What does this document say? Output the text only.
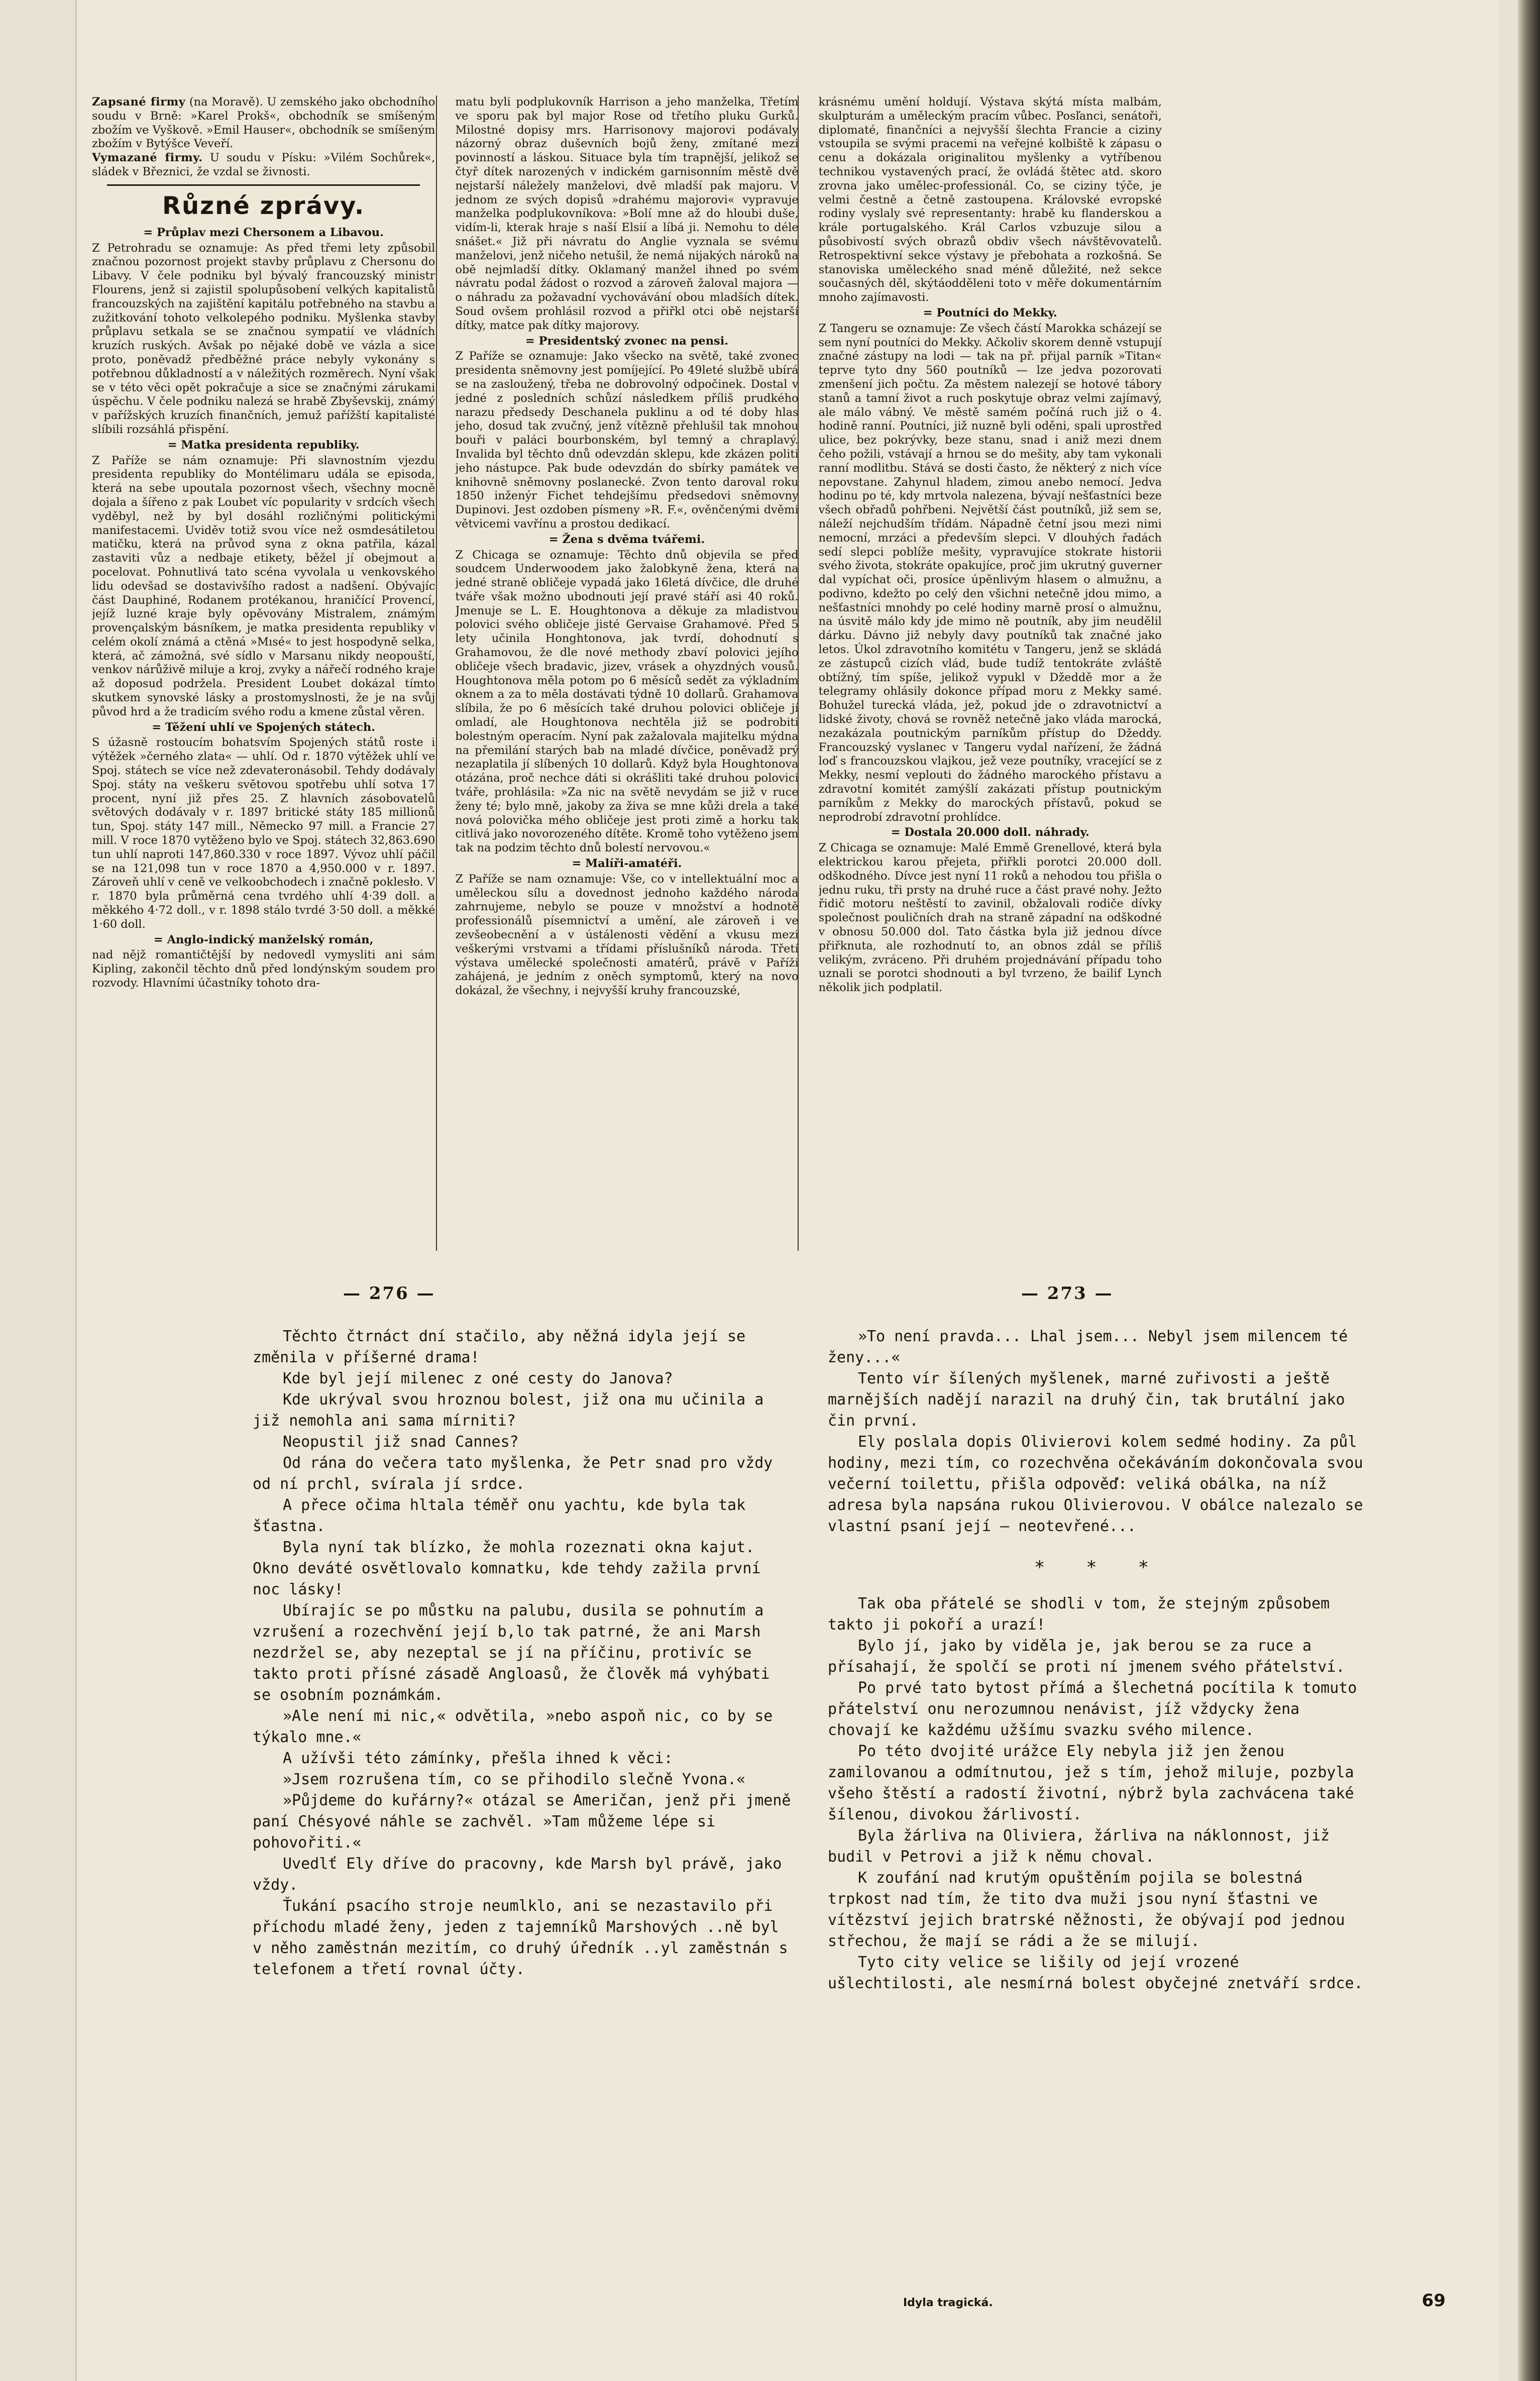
Zapsané firmy (na Moravě). U zemského jako obchodního soudu v Brně: »Karel Prokš«, obchodník se smíšeným zbožím ve Vyškově. »Emil Hauser«, obchodník se smíšeným zbožím v Bytýšce Veveří.

Vymazané firmy. U soudu v Písku: »Vilém Sochůrek«, sládek v Březnici, že vzdal se živnosti.

Různé zprávy.

= Průplav mezi Chersonem a Libavou.

Z Petrohradu se oznamuje: As před třemi lety způsobil značnou pozornost projekt stavby průplavu z Chersonu do Libavy. V čele podniku byl bývalý francouzský ministr Flourens, jenž si zajistil spolupůsobení velkých kapitalistů francouzských na zajištění kapitálu potřebného na stavbu a zužitkování tohoto velkolepého podniku. Myšlenka stavby průplavu setkala se se značnou sympatií ve vládních kruzích ruských. Avšak po nějaké době ve vázla a sice proto, poněvadž předběžné práce nebyly vykonány s potřebnou důkladností a v náležitých rozměrech. Nyní však se v této věci opět pokračuje a sice se značnými zárukami úspěchu. V čele podniku nalezá se hrabě Zbyševskij, známý v pařížských kruzích finančních, jemuž pařížští kapitalisté slíbili rozsáhlá přispění.

= Matka presidenta republiky.

Z Paříže se nám oznamuje: Při slavnostním vjezdu presidenta republiky do Montélimaru udála se episoda, která na sebe upoutala pozornost všech, všechny mocně dojala a šířeno z pak Loubet víc popularity v srdcích všech vyděbyl, než by byl dosáhl rozličnými politickými manifestacemi. Uviděv totiž svou více než osmdesátiletou matičku, která na průvod syna z okna patřila, kázal zastaviti vůz a nedbaje etikety, běžel jí obejmout a pocelovat. Pohnutlivá tato scéna vyvolala u venkovského lidu odevšad se dostavivšího radost a nadšení. Obývajíc část Dauphiné, Rodanem protékanou, hraničící Provencí, jejíž luzné kraje byly opěvovány Mistralem, známým provençalským básníkem, je matka presidenta republiky v celém okolí známá a ctěná »Mısé« to jest hospodyně selka, která, ač zámožná, své sídlo v Marsanu nikdy neopouští, venkov nárůživě miluje a kroj, zvyky a nářečí rodného kraje až doposud podržela. President Loubet dokázal tímto skutkem synovské lásky a prostomyslnosti, že je na svůj původ hrd a že tradicím svého rodu a kmene zůstal věren.

= Těžení uhlí ve Spojených státech.

S úžasně rostoucím bohatsvím Spojených států roste i výtěžek »černého zlata« — uhlí. Od r. 1870 výtěžek uhlí ve Spoj. státech se více než zdevateronásobil. Tehdy dodávaly Spoj. státy na veškeru světovou spotřebu uhlí sotva 17 procent, nyní již přes 25. Z hlavních zásobovatelů světových dodávaly v r. 1897 britické státy 185 millionů tun, Spoj. státy 147 mill., Německo 97 mill. a Francie 27 mill. V roce 1870 vytěženo bylo ve Spoj. státech 32,863.690 tun uhlí naproti 147,860.330 v roce 1897. Vývoz uhlí páčil se na 121,098 tun v roce 1870 a 4,950.000 v r. 1897. Zároveň uhlí v ceně ve velkoobchodech i značně poklesło. V r. 1870 byla průměrná cena tvrdého uhlí 4·39 doll. a měkkého 4·72 doll., v r. 1898 stálo tvrdé 3·50 doll. a měkké 1·60 doll.

= Anglo-indický manželský román,

nad nějž romantičtější by nedovedl vymysliti ani sám Kipling, zakončil těchto dnů před londýnským soudem pro rozvody. Hlavními účastníky tohoto dra-

matu byli podplukovník Harrison a jeho manželka, Třetím ve sporu pak byl major Rose od třetího pluku Gurků. Milostné dopisy mrs. Harrisonovy majorovi podávaly názorný obraz duševních bojů ženy, zmítané mezi povinností a láskou. Situace byla tím trapnější, jelikož se čtyř dítek narozených v indickém garnisonním městě dvě nejstarší náležely manželovi, dvě mladší pak majoru. V jednom ze svých dopisů »drahému majorovi« vypravuje manželka podplukovníkova: »Bolí mne až do hloubi duše, vidím-li, kterak hraje s naší Elsií a líbá ji. Nemohu to déle snášet.« Již při návratu do Anglie vyznala se svému manželovi, jenž ničeho netušil, že nemá nijakých nároků na obě nejmladší dítky. Oklamaný manžel ihned po svém návratu podal žádost o rozvod a zároveň žaloval majora — o náhradu za požavadní vychovávání obou mladších dítek. Soud ovšem prohlásil rozvod a přiřkl otci obě nejstarší dítky, matce pak dítky majorovy.

= Presidentský zvonec na pensi.

Z Paříže se oznamuje: Jako všecko na světě, také zvonec presidenta sněmovny jest pomíjející. Po 49leté službě ubírá se na zasloužený, třeba ne dobrovolný odpočinek. Dostal v jedné z posledních schůzí následkem příliš prudkého narazu předsedy Deschanela puklinu a od té doby hlas jeho, dosud tak zvučný, jenž vítězně přehlušil tak mnohou bouři v paláci bourbonském, byl temný a chraplavý. Invalida byl těchto dnů odevzdán sklepu, kde zkázen politi jeho nástupce. Pak bude odevzdán do sbírky památek ve knihovně sněmovny poslanecké. Zvon tento daroval roku 1850 inženýr Fichet tehdejšímu předsedovi sněmovny Dupinovi. Jest ozdoben písmeny »R. F.«, ověnčenými dvěmi větvicemi vavřínu a prostou dedikací.

= Žena s dvěma tvářemi.

Z Chicaga se oznamuje: Těchto dnů objevila se před soudcem Underwoodem jako žalobkyně žena, která na jedné straně obličeje vypadá jako 16letá dívčice, dle druhé tváře však možno ubodnouti její pravé stáří asi 40 roků. Jmenuje se L. E. Houghtonova a děkuje za mladistvou polovici svého obličeje jisté Gervaise Grahamové. Před 5 lety učinila Honghtonova, jak tvrdí, dohodnutí s Grahamovou, že dle nové methody zbaví polovici jejího obličeje všech bradavic, jizev, vrásek a ohyzdných vousů. Houghtonova měla potom po 6 měsíců sedět za výkladním oknem a za to měla dostávati týdně 10 dollarů. Grahamova slíbila, že po 6 měsících také druhou polovici obličeje jí omladí, ale Houghtonova nechtěla již se podrobiti bolestným operacím. Nyní pak zažalovala majitelku mýdna na přemilání starých bab na mladé dívčice, poněvadž prý nezaplatila jí slíbených 10 dollarů. Když byla Houghtonova otázána, proč nechce dáti si okrášliti také druhou polovici tváře, prohlásila: »Za nic na světě nevydám se již v ruce ženy té; bylo mně, jakoby za živa se mne kůži drela a také nová polovička mého obličeje jest proti zimě a horku tak citlivá jako novorozeného dítěte. Kromě toho vytěženo jsem tak na podzim těchto dnů bolestí nervovou.«

= Malíři-amatéři.

Z Paříže se nam oznamuje: Vše, co v intellektuální moc a uměleckou sílu a dovednost jednoho každého národa zahrnujeme, nebylo se pouze v množství a hodnotě professionálů písemnictví a umění, ale zároveň i ve zevšeobecnění a v ústálenosti vědění a vkusu mezi veškerými vrstvami a třídami příslušníků národa. Třetí výstava umělecké společnosti amatérů, právě v Paříži zahájená, je jedním z oněch symptomů, který na novo dokázal, že všechny, i nejvyšší kruhy francouzské,

krásnému umění holdují. Výstava skýtá místa malbám, skulpturám a uměleckým pracím vůbec. Posľanci, senátoři, diplomaté, finančníci a nejvyšší šlechta Francie a ciziny vstoupila se svými pracemi na veřejné kolbiště k zápasu o cenu a dokázala originalitou myšlenky a vytříbenou technikou vystavených prací, že ovládá štětec atd. skoro zrovna jako umělec-professionál. Co, se ciziny týče, je velmi čestně a četně zastoupena. Královské evropské rodiny vyslaly své representanty: hrabě ku flanderskou a krále portugalského. Král Carlos vzbuzuje silou a působivostí svých obrazů obdiv všech návštěvovatelů. Retrospektivní sekce výstavy je přebohata a rozkošná. Se stanoviska uměleckého snad méně důležité, než sekce současných děl, skýtáodděleni toto v měře dokumentárním mnoho zajímavosti.

= Poutníci do Mekky.

Z Tangeru se oznamuje: Ze všech částí Marokka scházejí se sem nyní poutníci do Mekky. Ačkoliv skorem denně vstupují značné zástupy na lodi — tak na př. přijal parník »Titan« teprve tyto dny 560 poutníků — lze jedva pozorovati zmenšení jich počtu. Za městem nalezejí se hotové tábory stanů a tamní život a ruch poskytuje obraz velmi zajímavý, ale málo vábný. Ve městě samém počíná ruch již o 4. hodině ranní. Poutníci, již nuzně byli oděni, spali uprostřed ulice, bez pokrývky, beze stanu, snad i aniž mezi dnem čeho požili, vstávají a hrnou se do mešity, aby tam vykonali ranní modlitbu. Stává se dosti často, že některý z nich více nepovstane. Zahynul hladem, zimou anebo nemocí. Jedva hodinu po té, kdy mrtvola nalezena, bývají nešťastníci beze všech obřadů pohřbeni. Největší část poutníků, již sem se, náleží nejchudším třídám. Nápadně četní jsou mezi nimi nemocní, mrzáci a především slepci. V dlouhých řadách sedí slepci poblíže mešity, vypravujíce stokrate historii svého života, stokráte opakujíce, proč jim ukrutný guverner dal vypíchat oči, prosíce úpěnlivým hlasem o almužnu, a podivno, kdežto po celý den všichni netečně jdou mimo, a nešťastníci mnohdy po celé hodiny marně prosí o almužnu, na úsvitě málo kdy jde mimo ně poutník, aby jim neudělil dárku. Dávno již nebyly davy poutníků tak značné jako letos. Úkol zdravotního komitétu v Tangeru, jenž se skládá ze zástupců cizích vlád, bude tudíž tentokráte zvláště obtížný, tím spíše, jelikož vypukl v Džeddě mor a že telegramy ohlásily dokonce případ moru z Mekky samé. Bohužel turecká vláda, jež, pokud jde o zdravotnictví a lidské životy, chová se rovněž netečně jako vláda marocká, nezakázala poutnickým parníkům přístup do Džeddy. Francouzský vyslanec v Tangeru vydal nařízení, že žádná loď s francouzskou vlajkou, jež veze poutníky, vracející se z Mekky, nesmí veplouti do žádného marockého přístavu a zdravotní komitét zamýšlí zakázati přístup poutnickým parníkům z Mekky do marockých přístavů, pokud se neprodrobí zdravotní prohlídce.

= Dostala 20.000 doll. náhrady.

Z Chicaga se oznamuje: Malé Emmě Grenellové, která byla elektrickou karou přejeta, přiřkli porotci 20.000 doll. odškodného. Dívce jest nyní 11 roků a nehodou tou přišla o jednu ruku, tři prsty na druhé ruce a část pravé nohy. Ježto řidič motoru neštěstí to zavinil, obžalovali rodiče dívky společnost pouličních drah na straně západní na odškodné v obnosu 50.000 dol. Tato částka byla již jednou dívce přiřknuta, ale rozhodnutí to, an obnos zdál se příliš velikým, zvráceno. Při druhém projednávání případu toho uznali se porotci shodnouti a byl tvrzeno, že bailif Lynch několik jich podplatil.

— 276 —	— 273 —

Těchto čtrnáct dní stačilo, aby něžná idyla její se změnila v příšerné drama!

Kde byl její milenec z oné cesty do Janova?

Kde ukrýval svou hroznou bolest, již ona mu učinila a již nemohla ani sama mírniti?

Neopustil již snad Cannes?

Od rána do večera tato myšlenka, že Petr snad pro vždy od ní prchl, svírala jí srdce.

A přece očima hltala téměř onu yachtu, kde byla tak šťastna.

Byla nyní tak blízko, že mohla rozeznati okna kajut. Okno deváté osvětlovalo komnatku, kde tehdy zažila první noc lásky!

Ubírajíc se po můstku na palubu, dusila se pohnutím a vzrušení a rozechvění její b,lo tak patrné, že ani Marsh nezdržel se, aby nezeptal se jí na příčinu, protivíc se takto proti přísné zásadě Angloasů, že člověk má vyhýbati se osobním poznámkám.

»Ale není mi nic,« odvětila, »nebo aspoň nic, co by se týkalo mne.«

A užívši této zámínky, přešla ihned k věci:

»Jsem rozrušena tím, co se přihodilo slečně Yvona.«

»Půjdeme do kuřárny?« otázal se Američan, jenž při jmeně paní Chésyové náhle se zachvěl. »Tam můžeme lépe si pohovořiti.«

Uvedlť Ely dříve do pracovny, kde Marsh byl právě, jako vždy.

Ťukání psacího stroje neumlklo, ani se nezastavilo při příchodu mladé ženy, jeden z tajemníků Marshových ..ně byl v něho zaměstnán mezitím, co druhý úředník ..yl zaměstnán s telefonem a třetí rovnal účty.

»To není pravda... Lhal jsem... Nebyl jsem milencem té ženy...«

Tento vír šílených myšlenek, marné zuřivosti a ještě marnějších nadějí narazil na druhý čin, tak brutální jako čin první.

Ely poslala dopis Olivierovi kolem sedmé hodiny. Za půl hodiny, mezi tím, co rozechvěna očekáváním dokončovala svou večerní toilettu, přišla odpověď: veliká obálka, na níž adresa byla napsána rukou Olivierovou. V obálce nalezalo se vlastní psaní její — neotevřené...

* * *

Tak oba přátelé se shodli v tom, že stejným způsobem takto ji pokoří a urazí!

Bylo jí, jako by viděla je, jak berou se za ruce a přísahají, že spolčí se proti ní jmenem svého přátelství.

Po prvé tato bytost přímá a šlechetná pocítila k tomuto přátelství onu nerozumnou nenávist, jíž vždycky žena chovají ke každému užšímu svazku svého milence.

Po této dvojité urážce Ely nebyla již jen ženou zamilovanou a odmítnutou, jež s tím, jehož miluje, pozbyla všeho štěstí a radostí životní, nýbrž byla zachvácena také šílenou, divokou žárlivostí.

Byla žárliva na Oliviera, žárliva na náklonnost, již budil v Petrovi a již k němu choval.

K zoufání nad krutým opuštěním pojila se bolestná trpkost nad tím, že tito dva muži jsou nyní šťastni ve vítězství jejich bratrské něžnosti, že obývají pod jednou střechou, že mají se rádi a že se milují.

Tyto city velice se lišily od její vrozené ušlechtilosti, ale nesmírná bolest obyčejné znetváří srdce.

Idyla tragická.	69
